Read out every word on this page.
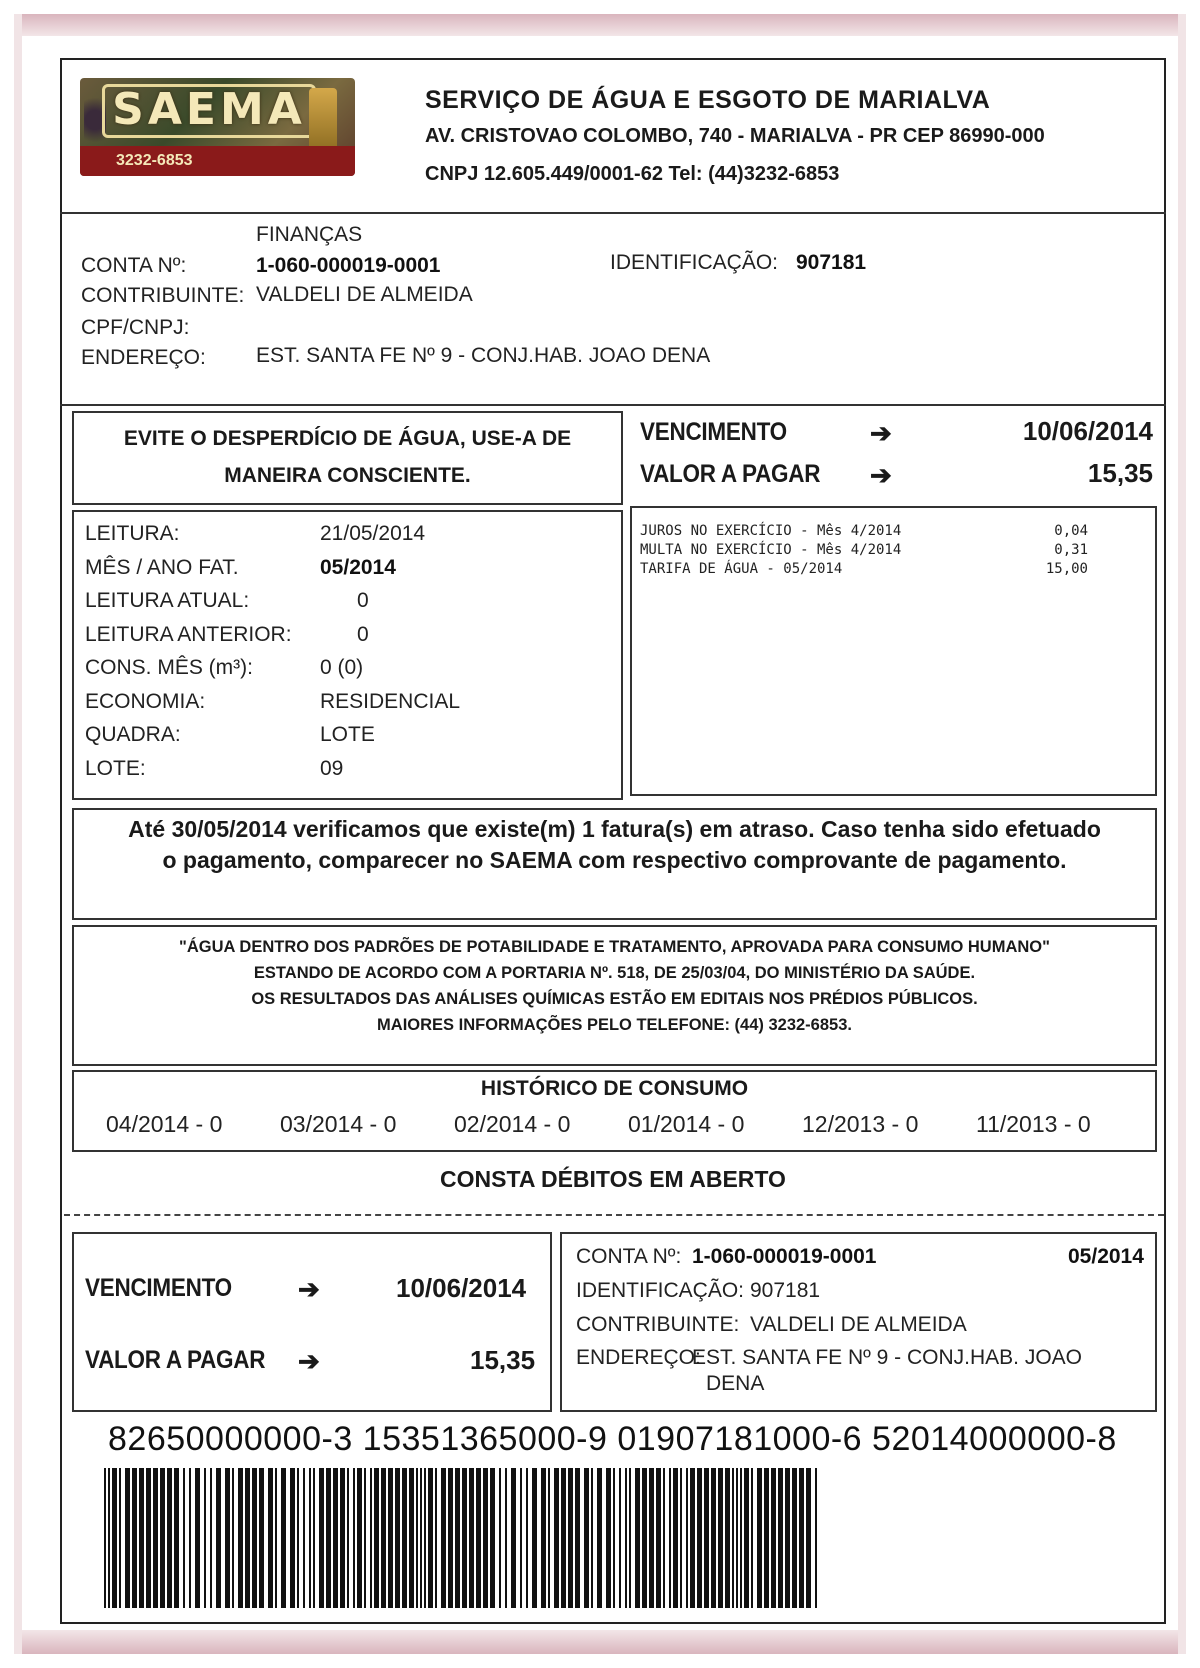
SAEMA
3232-6853
SERVIÇO DE ÁGUA E ESGOTO DE MARIALVA
AV. CRISTOVAO COLOMBO, 740 - MARIALVA - PR CEP 86990-000
CNPJ 12.605.449/0001-62 Tel: (44)3232-6853
FINANÇAS
CONTA Nº:	1-060-000019-0001	IDENTIFICAÇÃO: 907181
CONTRIBUINTE: VALDELI DE ALMEIDA
CPF/CNPJ:
ENDEREÇO: EST. SANTA FE Nº 9 - CONJ.HAB. JOAO DENA
EVITE O DESPERDÍCIO DE ÁGUA, USE-A DE
MANEIRA CONSCIENTE.
VENCIMENTO	➔	10/06/2014
VALOR A PAGAR ➔	15,35
LEITURA:	21/05/2014
MÊS / ANO FAT.	05/2014
LEITURA ATUAL:	0
LEITURA ANTERIOR:	0
CONS. MÊS (m³):	0 (0)
ECONOMIA:	RESIDENCIAL
QUADRA:	LOTE
LOTE:	09
JUROS NO EXERCÍCIO - Mês 4/2014	0,04
MULTA NO EXERCÍCIO - Mês 4/2014	0,31
TARIFA DE ÁGUA - 05/2014	15,00
Até 30/05/2014 verificamos que existe(m) 1 fatura(s) em atraso. Caso tenha sido efetuado
o pagamento, comparecer no SAEMA com respectivo comprovante de pagamento.
"ÁGUA DENTRO DOS PADRÕES DE POTABILIDADE E TRATAMENTO, APROVADA PARA CONSUMO HUMANO"
ESTANDO DE ACORDO COM A PORTARIA Nº. 518, DE 25/03/04, DO MINISTÉRIO DA SAÚDE.
OS RESULTADOS DAS ANÁLISES QUÍMICAS ESTÃO EM EDITAIS NOS PRÉDIOS PÚBLICOS.
MAIORES INFORMAÇÕES PELO TELEFONE: (44) 3232-6853.
HISTÓRICO DE CONSUMO
04/2014 - 0	03/2014 - 0	02/2014 - 0	01/2014 - 0	12/2013 - 0	11/2013 - 0
CONSTA DÉBITOS EM ABERTO
VENCIMENTO	➔	10/06/2014
VALOR A PAGAR ➔	15,35
CONTA Nº: 1-060-000019-0001	05/2014
IDENTIFICAÇÃO: 907181
CONTRIBUINTE: VALDELI DE ALMEIDA
ENDEREÇO:
EST. SANTA FE Nº 9 - CONJ.HAB. JOAO
DENA
82650000000-3 15351365000-9 01907181000-6 52014000000-8
